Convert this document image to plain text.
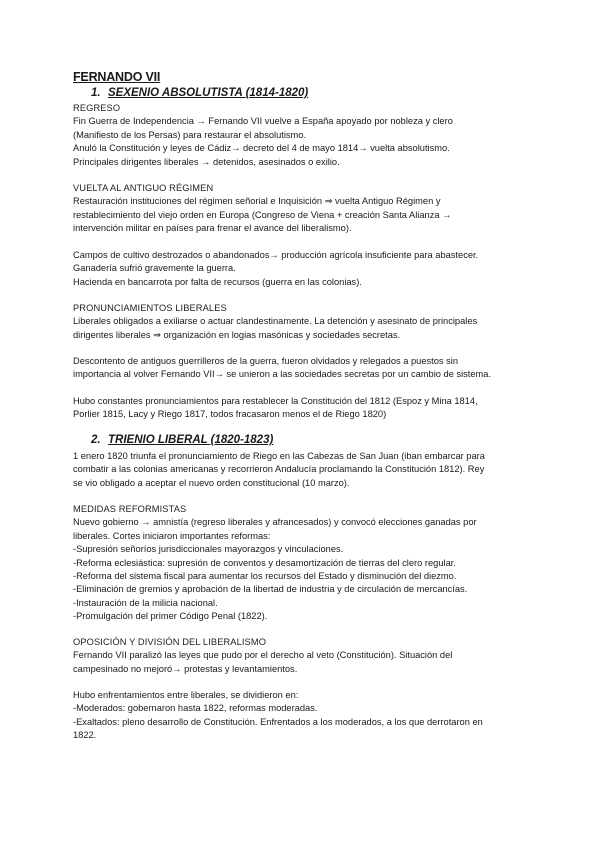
FERNANDO VII
1. SEXENIO ABSOLUTISTA (1814-1820)

REGRESO

Fin Guerra de Independencia → Fernando VII vuelve a España apoyado por nobleza y clero

(Manifiesto de los Persas) para restaurar el absolutismo.

Anuló la Constitución y leyes de Cádiz→ decreto del 4 de mayo 1814→ vuelta absolutismo.

Principales dirigentes liberales → detenidos, asesinados o exilio.

VUELTA AL ANTIGUO RÉGIMEN

Restauración instituciones del régimen señorial e Inquisición ⇒ vuelta Antiguo Régimen y

restablecimiento del viejo orden en Europa (Congreso de Viena + creación Santa Alianza →

intervención militar en países para frenar el avance del liberalismo).

Campos de cultivo destrozados o abandonados→ producción agrícola insuficiente para abastecer.

Ganadería sufrió gravemente la guerra.

Hacienda en bancarrota por falta de recursos (guerra en las colonias).

PRONUNCIAMIENTOS LIBERALES

Liberales obligados a exiliarse o actuar clandestinamente. La detención y asesinato de principales

dirigentes liberales ⇒ organización en logias masónicas y sociedades secretas.

Descontento de antiguos guerrilleros de la guerra, fueron olvidados y relegados a puestos sin

importancia al volver Fernando VII→ se unieron a las sociedades secretas por un cambio de sistema.

Hubo constantes pronunciamientos para restablecer la Constitución del 1812 (Espoz y Mina 1814,

Porlier 1815, Lacy y Riego 1817, todos fracasaron menos el de Riego 1820)

2. TRIENIO LIBERAL (1820-1823)

1 enero 1820 triunfa el pronunciamiento de Riego en las Cabezas de San Juan (iban embarcar para

combatir a las colonias americanas y recorrieron Andalucía proclamando la Constitución 1812). Rey

se vio obligado a aceptar el nuevo orden constitucional (10 marzo).

MEDIDAS REFORMISTAS

Nuevo gobierno → amnistía (regreso liberales y afrancesados) y convocó elecciones ganadas por

liberales. Cortes iniciaron importantes reformas:

-Supresión señoríos jurisdiccionales mayorazgos y vinculaciones.

-Reforma eclesiástica: supresión de conventos y desamortización de tierras del clero regular.

-Reforma del sistema fiscal para aumentar los recursos del Estado y disminución del diezmo.

-Eliminación de gremios y aprobación de la libertad de industria y de circulación de mercancías.

-Instauración de la milicia nacional.

-Promulgación del primer Código Penal (1822).

OPOSICIÓN Y DIVISIÓN DEL LIBERALISMO

Fernando VII paralizó las leyes que pudo por el derecho al veto (Constitución). Situación del

campesinado no mejoró→ protestas y levantamientos.

Hubo enfrentamientos entre liberales, se dividieron en:

-Moderados: gobernaron hasta 1822, reformas moderadas.

-Exaltados: pleno desarrollo de Constitución. Enfrentados a los moderados, a los que derrotaron en

1822.
